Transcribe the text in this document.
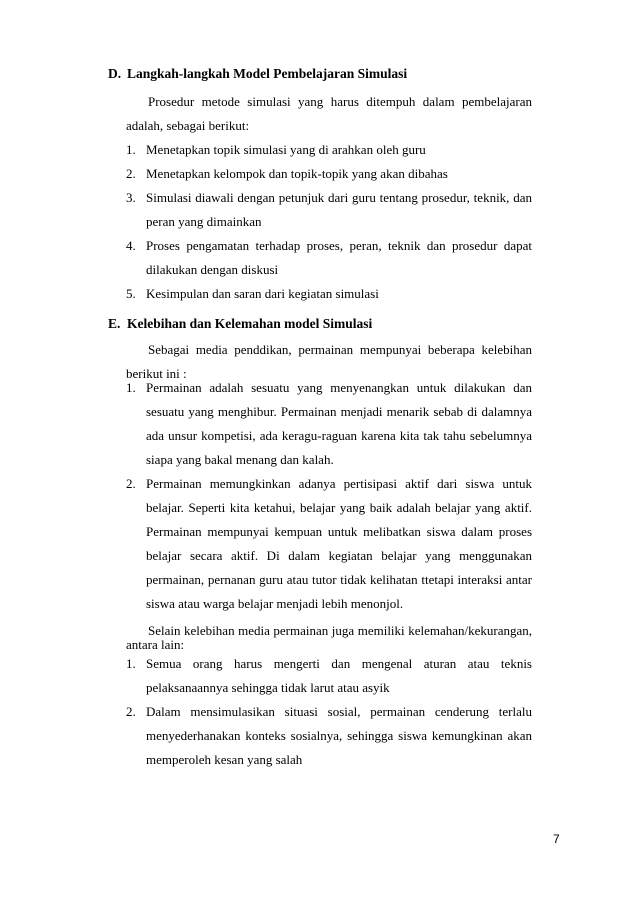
D. Langkah-langkah Model Pembelajaran Simulasi

Prosedur metode simulasi yang harus ditempuh dalam pembelajaran adalah, sebagai berikut:

1. Menetapkan topik simulasi yang di arahkan oleh guru
2. Menetapkan kelompok dan topik-topik yang akan dibahas
3. Simulasi diawali dengan petunjuk dari guru tentang prosedur, teknik, dan peran yang dimainkan
4. Proses pengamatan terhadap proses, peran, teknik dan prosedur dapat dilakukan dengan diskusi
5. Kesimpulan dan saran dari kegiatan simulasi
E. Kelebihan dan Kelemahan model Simulasi

Sebagai media penddikan, permainan mempunyai beberapa kelebihan berikut ini :

1. Permainan adalah sesuatu yang menyenangkan untuk dilakukan dan sesuatu yang menghibur. Permainan menjadi menarik sebab di dalamnya ada unsur kompetisi, ada keragu-raguan karena kita tak tahu sebelumnya siapa yang bakal menang dan kalah.
2. Permainan memungkinkan adanya pertisipasi aktif dari siswa untuk belajar. Seperti kita ketahui, belajar yang baik adalah belajar yang aktif. Permainan mempunyai kempuan untuk melibatkan siswa dalam proses belajar secara aktif. Di dalam kegiatan belajar yang menggunakan permainan, pernanan guru atau tutor tidak kelihatan ttetapi interaksi antar siswa atau warga belajar menjadi lebih menonjol.

Selain kelebihan media permainan juga memiliki kelemahan/kekurangan, antara lain:

1. Semua orang harus mengerti dan mengenal aturan atau teknis pelaksanaannya sehingga tidak larut atau asyik
2. Dalam mensimulasikan situasi sosial, permainan cenderung terlalu menyederhanakan konteks sosialnya, sehingga siswa kemungkinan akan memperoleh kesan yang salah
7
